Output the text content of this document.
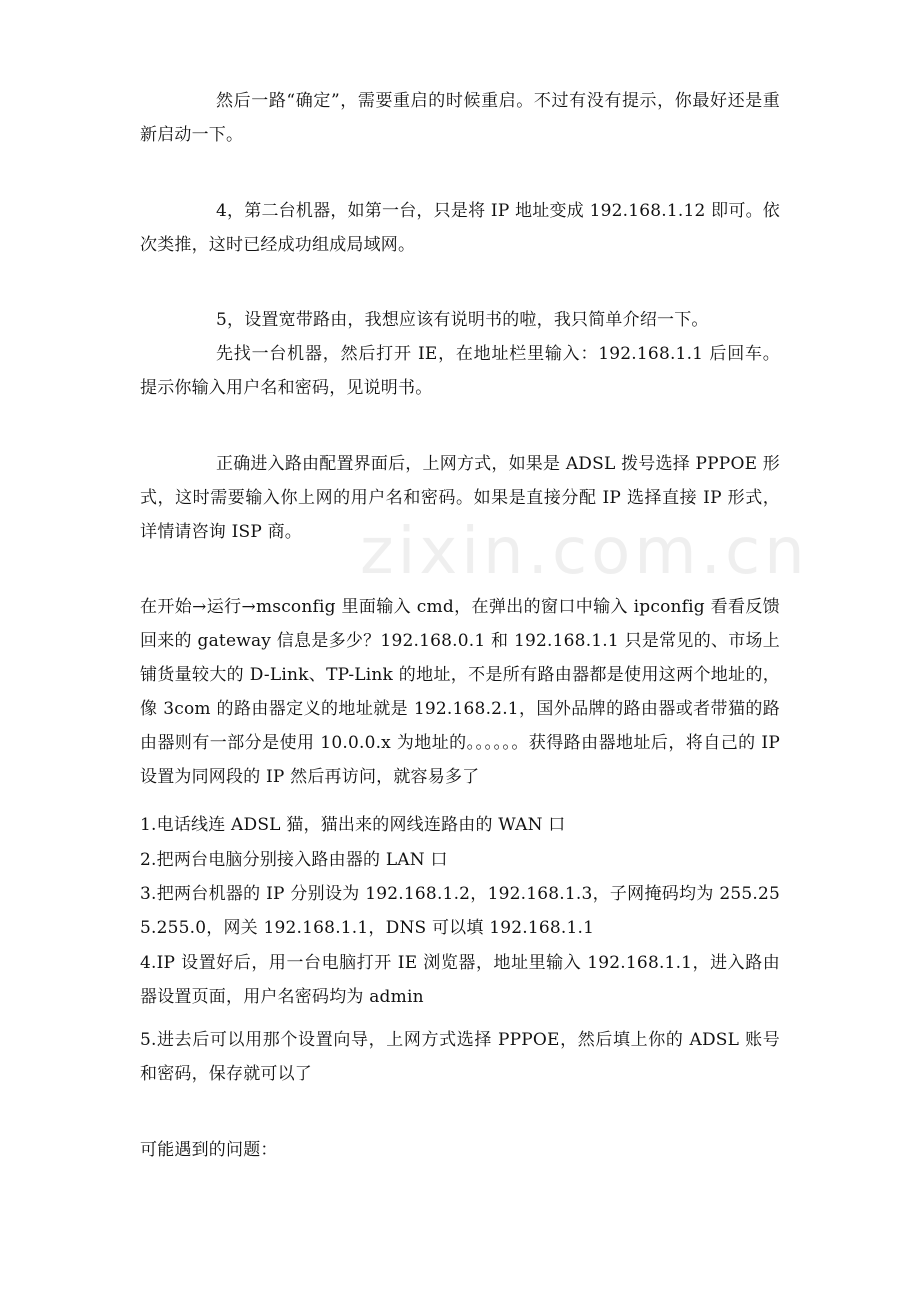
zixin.com.cn

然后一路“确定”，需要重启的时候重启。不过有没有提示，你最好还是重新启动一下。

4，第二台机器，如第一台，只是将 IP 地址变成 192.168.1.12 即可。依次类推，这时已经成功组成局域网。

5，设置宽带路由，我想应该有说明书的啦，我只简单介绍一下。

先找一台机器，然后打开 IE，在地址栏里输入：192.168.1.1 后回车。提示你输入用户名和密码，见说明书。

正确进入路由配置界面后，上网方式，如果是 ADSL 拨号选择 PPPOE 形式，这时需要输入你上网的用户名和密码。如果是直接分配 IP 选择直接 IP 形式，详情请咨询 ISP 商。

在开始→运行→msconfig 里面输入 cmd，在弹出的窗口中输入 ipconfig 看看反馈回来的 gateway 信息是多少？192.168.0.1 和 192.168.1.1 只是常见的、市场上铺货量较大的 D-Link、TP-Link 的地址，不是所有路由器都是使用这两个地址的，像 3com 的路由器定义的地址就是 192.168.2.1，国外品牌的路由器或者带猫的路由器则有一部分是使用 10.0.0.x 为地址的。。。。。。获得路由器地址后，将自己的 IP 设置为同网段的 IP 然后再访问，就容易多了

1.电话线连 ADSL 猫，猫出来的网线连路由的 WAN 口

2.把两台电脑分别接入路由器的 LAN 口

3.把两台机器的 IP 分别设为 192.168.1.2，192.168.1.3，子网掩码均为 255.255.255.0，网关 192.168.1.1，DNS 可以填 192.168.1.1

4.IP 设置好后，用一台电脑打开 IE 浏览器，地址里输入 192.168.1.1，进入路由器设置页面，用户名密码均为 admin

5.进去后可以用那个设置向导，上网方式选择 PPPOE，然后填上你的 ADSL 账号和密码，保存就可以了

可能遇到的问题：
